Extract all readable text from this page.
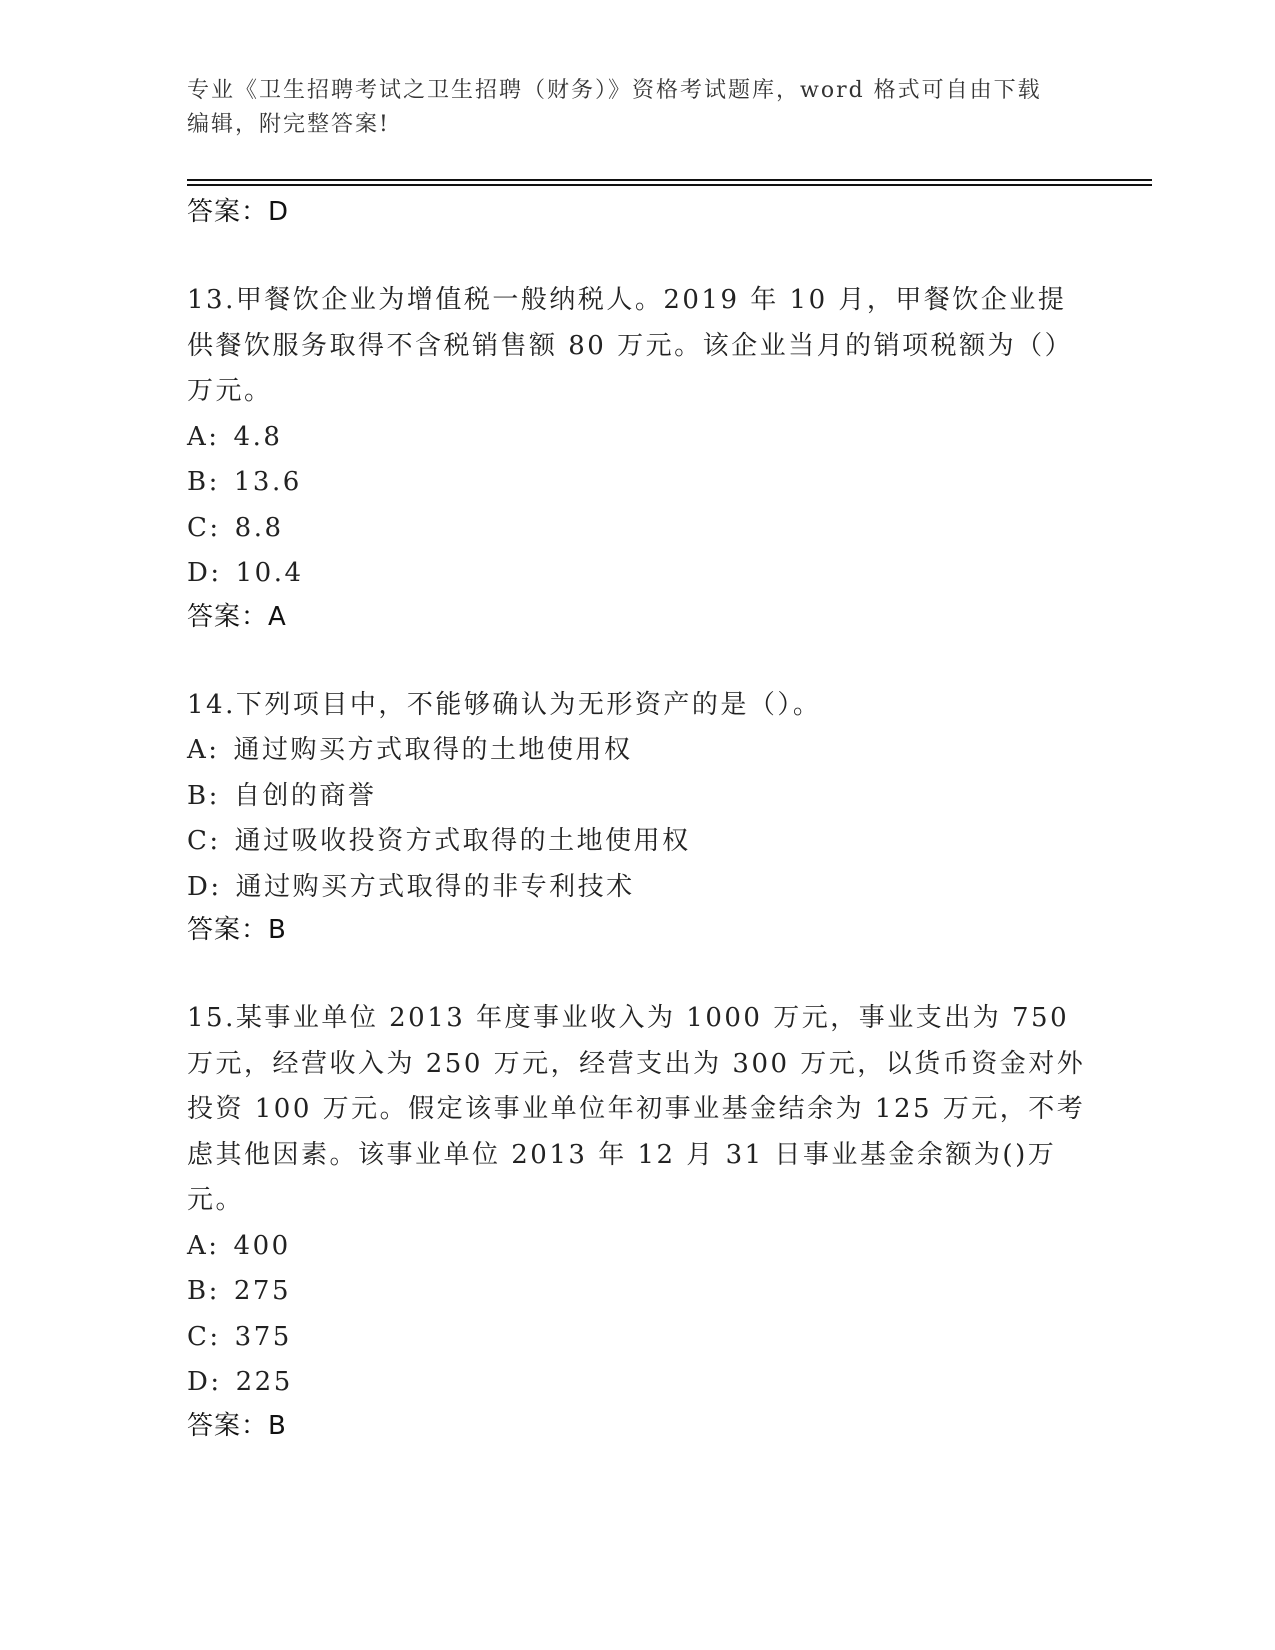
专业《卫生招聘考试之卫生招聘（财务）》资格考试题库，word 格式可自由下载
编辑，附完整答案!
答案：D

13.甲餐饮企业为增值税一般纳税人。2019 年 10 月，甲餐饮企业提供餐饮服务取得不含税销售额 80 万元。该企业当月的销项税额为（）万元。

A: 4.8
B: 13.6
C: 8.8
D: 10.4
答案：A

14.下列项目中，不能够确认为无形资产的是（）。

A: 通过购买方式取得的土地使用权
B: 自创的商誉
C: 通过吸收投资方式取得的土地使用权
D: 通过购买方式取得的非专利技术
答案：B

15.某事业单位 2013 年度事业收入为 1000 万元，事业支出为 750 万元，经营收入为 250 万元，经营支出为 300 万元，以货币资金对外投资 100 万元。假定该事业单位年初事业基金结余为 125 万元，不考虑其他因素。该事业单位 2013 年 12 月 31 日事业基金余额为()万元。

A: 400
B: 275
C: 375
D: 225
答案：B
